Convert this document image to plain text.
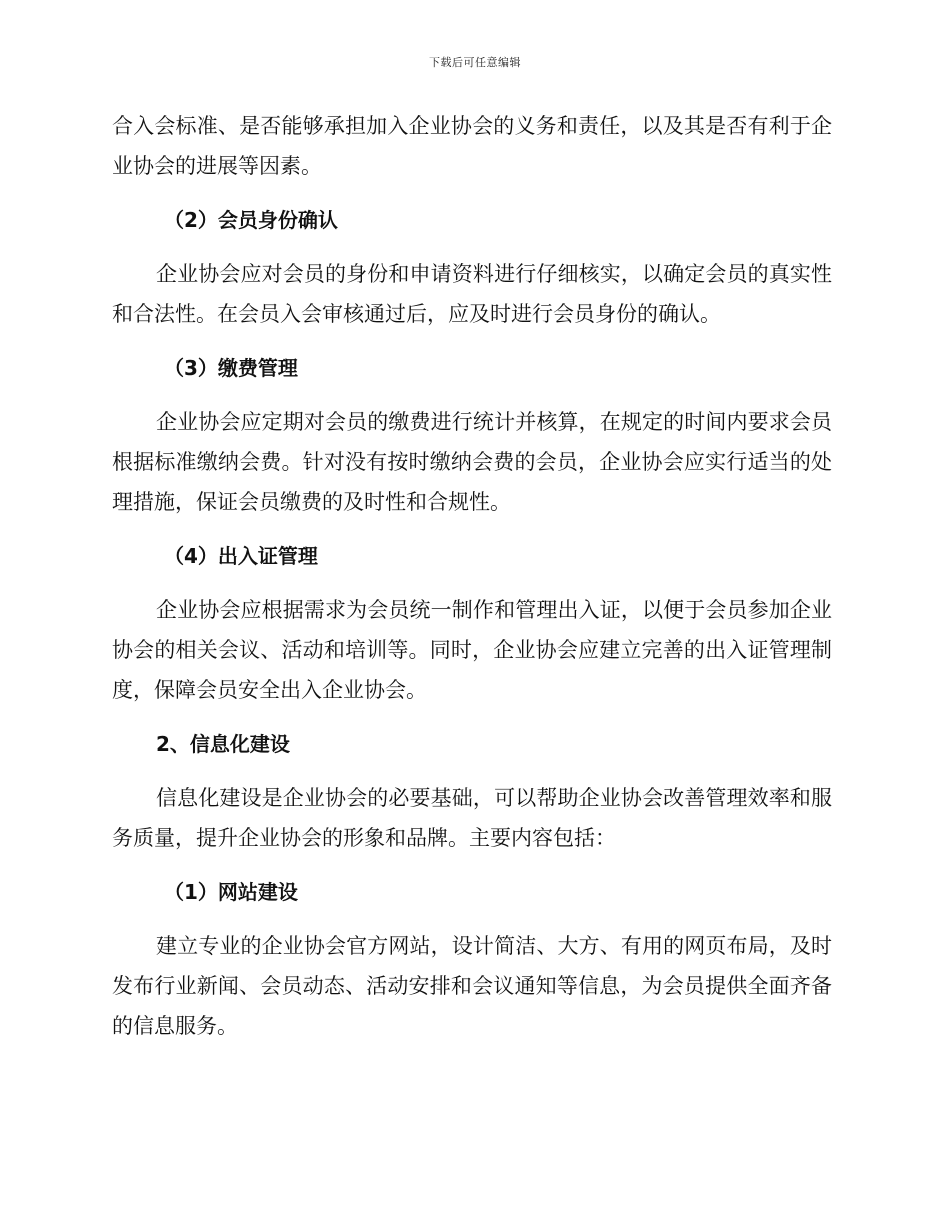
下载后可任意编辑

合入会标准、是否能够承担加入企业协会的义务和责任，以及其是否有利于企业协会的进展等因素。

（2）会员身份确认

企业协会应对会员的身份和申请资料进行仔细核实，以确定会员的真实性和合法性。在会员入会审核通过后，应及时进行会员身份的确认。

（3）缴费管理

企业协会应定期对会员的缴费进行统计并核算，在规定的时间内要求会员根据标准缴纳会费。针对没有按时缴纳会费的会员，企业协会应实行适当的处理措施，保证会员缴费的及时性和合规性。

（4）出入证管理

企业协会应根据需求为会员统一制作和管理出入证，以便于会员参加企业协会的相关会议、活动和培训等。同时，企业协会应建立完善的出入证管理制度，保障会员安全出入企业协会。

2、信息化建设

信息化建设是企业协会的必要基础，可以帮助企业协会改善管理效率和服务质量，提升企业协会的形象和品牌。主要内容包括：

（1）网站建设

建立专业的企业协会官方网站，设计简洁、大方、有用的网页布局，及时发布行业新闻、会员动态、活动安排和会议通知等信息，为会员提供全面齐备的信息服务。
